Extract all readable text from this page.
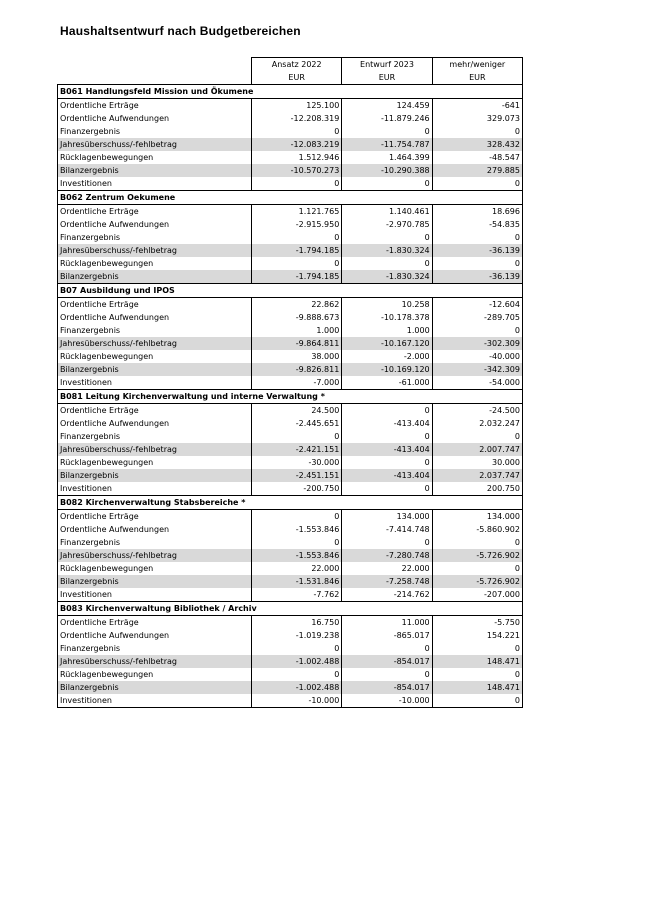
Haushaltsentwurf nach Budgetbereichen
	Ansatz 2022	Entwurf 2023	mehr/weniger
	EUR	EUR	EUR
B061 Handlungsfeld Mission und Ökumene			
Ordentliche Erträge	125.100	124.459	-641
Ordentliche Aufwendungen	-12.208.319	-11.879.246	329.073
Finanzergebnis	0	0	0
Jahresüberschuss/-fehlbetrag	-12.083.219	-11.754.787	328.432
Rücklagenbewegungen	1.512.946	1.464.399	-48.547
Bilanzergebnis	-10.570.273	-10.290.388	279.885
Investitionen	0	0	0
B062 Zentrum Oekumene			
Ordentliche Erträge	1.121.765	1.140.461	18.696
Ordentliche Aufwendungen	-2.915.950	-2.970.785	-54.835
Finanzergebnis	0	0	0
Jahresüberschuss/-fehlbetrag	-1.794.185	-1.830.324	-36.139
Rücklagenbewegungen	0	0	0
Bilanzergebnis	-1.794.185	-1.830.324	-36.139
B07 Ausbildung und IPOS			
Ordentliche Erträge	22.862	10.258	-12.604
Ordentliche Aufwendungen	-9.888.673	-10.178.378	-289.705
Finanzergebnis	1.000	1.000	0
Jahresüberschuss/-fehlbetrag	-9.864.811	-10.167.120	-302.309
Rücklagenbewegungen	38.000	-2.000	-40.000
Bilanzergebnis	-9.826.811	-10.169.120	-342.309
Investitionen	-7.000	-61.000	-54.000
B081 Leitung Kirchenverwaltung und interne Verwaltung *			
Ordentliche Erträge	24.500	0	-24.500
Ordentliche Aufwendungen	-2.445.651	-413.404	2.032.247
Finanzergebnis	0	0	0
Jahresüberschuss/-fehlbetrag	-2.421.151	-413.404	2.007.747
Rücklagenbewegungen	-30.000	0	30.000
Bilanzergebnis	-2.451.151	-413.404	2.037.747
Investitionen	-200.750	0	200.750
B082 Kirchenverwaltung Stabsbereiche *			
Ordentliche Erträge	0	134.000	134.000
Ordentliche Aufwendungen	-1.553.846	-7.414.748	-5.860.902
Finanzergebnis	0	0	0
Jahresüberschuss/-fehlbetrag	-1.553.846	-7.280.748	-5.726.902
Rücklagenbewegungen	22.000	22.000	0
Bilanzergebnis	-1.531.846	-7.258.748	-5.726.902
Investitionen	-7.762	-214.762	-207.000
B083 Kirchenverwaltung Bibliothek / Archiv			
Ordentliche Erträge	16.750	11.000	-5.750
Ordentliche Aufwendungen	-1.019.238	-865.017	154.221
Finanzergebnis	0	0	0
Jahresüberschuss/-fehlbetrag	-1.002.488	-854.017	148.471
Rücklagenbewegungen	0	0	0
Bilanzergebnis	-1.002.488	-854.017	148.471
Investitionen	-10.000	-10.000	0
